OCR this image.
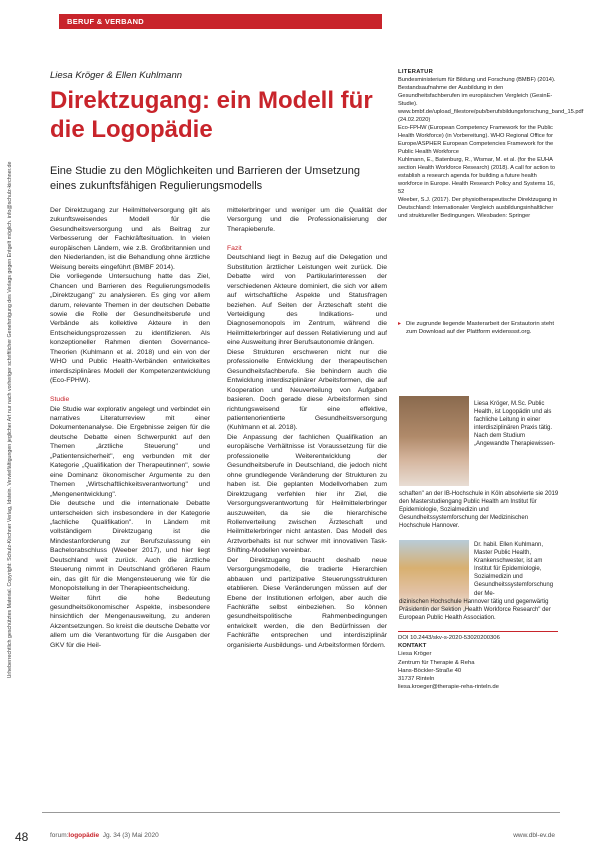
Urheberrechtlich geschütztes Material. Copyright: Schulz-Kirchner Verlag, Idstein. Vervielfältigungen jeglicher Art nur nach vorheriger schriftlicher Genehmigung des Verlags gegen Entgelt möglich. info@schulz-kirchner.de
BERUF & VERBAND
Liesa Kröger & Ellen Kuhlmann
Direktzugang: ein Modell für die Logopädie

Eine Studie zu den Möglichkeiten und Barrieren der Umsetzung eines zukunftsfähigen Regulierungsmodells

Der Direktzugang zur Heilmittelversorgung gilt als zukunftsweisendes Modell für die Gesundheitsversorgung und als Beitrag zur Verbesserung der Fachkräftesituation. In vielen europäischen Ländern, wie z.B. Großbritannien und den Niederlanden, ist die Behandlung ohne ärztliche Weisung bereits eingeführt (BMBF 2014).

Die vorliegende Untersuchung hatte das Ziel, Chancen und Barrieren des Regulierungsmodells „Direktzugang" zu analysieren. Es ging vor allem darum, relevante Themen in der deutschen Debatte sowie die Rolle der Gesundheitsberufe und Verbände als kollektive Akteure in den Entscheidungsprozessen zu identifizieren. Als konzeptioneller Rahmen dienten Governance-Theorien (Kuhlmann et al. 2018) und ein von der WHO und Public Health-Verbänden entwickeltes interdisziplinäres Modell der Kompetenzentwicklung (Eco-FPHW).

Studie

Die Studie war explorativ angelegt und verbindet ein narratives Literaturreview mit einer Dokumentenanalyse. Die Ergebnisse zeigen für die deutsche Debatte einen Schwerpunkt auf den Themen „ärztliche Steuerung" und „Patientensicherheit", eng verbunden mit der Kategorie „Qualifikation der Therapeutinnen", sowie eine Dominanz ökonomischer Argumente zu den Themen „Wirtschaftlichkeitsverantwortung" und „Mengenentwicklung".

Die deutsche und die internationale Debatte unterscheiden sich insbesondere in der Kategorie „fachliche Qualifikation". In Ländern mit vollständigem Direktzugang ist die Mindestanforderung zur Berufszulassung ein Bachelorabschluss (Weeber 2017), und hier liegt Deutschland weit zurück. Auch die ärztliche Steuerung nimmt in Deutschland größeren Raum ein, das gilt für die Mengensteuerung wie für die Monopolstellung in der Therapieentscheidung.

Weiter führt die hohe Bedeutung gesundheitsökonomischer Aspekte, insbesondere hinsichtlich der Mengenausweitung, zu anderen Akzentsetzungen. So kreist die deutsche Debatte vor allem um die Verantwortung für die Ausgaben der GKV für die Heil-

mittelerbringer und weniger um die Qualität der Versorgung und die Professionalisierung der Therapieberufe.

Fazit

Deutschland liegt in Bezug auf die Delegation und Substitution ärztlicher Leistungen weit zurück. Die Debatte wird von Partikularinteressen der verschiedenen Akteure dominiert, die sich vor allem auf wirtschaftliche Aspekte und Statusfragen beziehen. Auf Seiten der Ärzteschaft steht die Verteidigung des Indikations- und Diagnosemonopols im Zentrum, während die Heilmittelerbringer auf dessen Relativierung und auf eine Ausweitung ihrer Berufsautonomie drängen.

Diese Strukturen erschweren nicht nur die professionelle Entwicklung der therapeutischen Gesundheitsfachberufe. Sie behindern auch die Entwicklung interdisziplinärer Arbeitsformen, die auf Kooperation und Neuverteilung von Aufgaben basieren. Doch gerade diese Arbeitsformen sind richtungsweisend für eine effektive, patientenorientierte Gesundheitsversorgung (Kuhlmann et al. 2018).

Die Anpassung der fachlichen Qualifikation an europäische Verhältnisse ist Voraussetzung für die professionelle Weiterentwicklung der Gesundheitsberufe in Deutschland, die jedoch nicht ohne grundlegende Veränderung der Strukturen zu haben ist. Die geplanten Modellvorhaben zum Direktzugang verfehlen hier ihr Ziel, die Versorgungsverantwortung für Heilmittelerbringer auszuweiten, da sie die hierarchische Rollenverteilung zwischen Ärzteschaft und Heilmittelerbringer nicht antasten. Das Modell des Arztvorbehalts ist nur schwer mit innovativen Task-Shifting-Modellen vereinbar.

Der Direktzugang braucht deshalb neue Versorgungsmodelle, die tradierte Hierarchien abbauen und partizipative Steuerungsstrukturen etablieren. Diese Veränderungen müssen auf der Ebene der Institutionen erfolgen, aber auch die Fachkräfte selbst einbeziehen. So können gesundheitspolitische Rahmenbedingungen entwickelt werden, die den Bedürfnissen der Fachkräfte entsprechen und interdisziplinär organisierte Ausbildungs- und Arbeitsformen fördern.

LITERATUR

Bundesministerium für Bildung und Forschung (BMBF) (2014). Bestandsaufnahme der Ausbildung in den Gesundheitsfachberufen im europäischen Vergleich (GesinE-Studie). www.bmbf.de/upload_filestore/pub/berufsbildungsforschung_band_15.pdf (24.02.2020)

Eco-FPHW (European Competency Framework for the Public Health Workforce) (in Vorbereitung). WHO Regional Office for Europe/ASPHER European Competencies Framework for the Public Health Workforce

Kuhlmann, E., Batenburg, R., Wismar, M. et al. (for the EUHA section Health Workforce Research) (2018). A call for action to establish a research agenda for building a future health workforce in Europe. Health Research Policy and Systems 16, 52

Weeber, S.J. (2017). Der physiotherapeutische Direktzugang in Deutschland: Internationaler Vergleich ausbildungsinhaltlicher und struktureller Bedingungen. Wiesbaden: Springer

▸ Die zugrunde liegende Masterarbeit der Erstautorin steht zum Download auf der Plattform evidenssst.org.

Liesa Kröger, M.Sc. Public Health, ist Logopädin und als fachliche Leitung in einer interdisziplinären Praxis tätig. Nach dem Studium „Angewandte Therapiewissen-

schaften" an der IB-Hochschule in Köln absolvierte sie 2019 den Masterstudiengang Public Health am Institut für Epidemiologie, Sozialmedizin und Gesundheitssystemforschung der Medizinischen Hochschule Hannover.

Dr. habil. Ellen Kuhlmann, Master Public Health, Krankenschwester, ist am Institut für Epidemiologie, Sozialmedizin und Gesundheitssystemforschung der Me-

dizinischen Hochschule Hannover tätig und gegenwärtig Präsidentin der Sektion „Health Workforce Research" der European Public Health Association.

DOI 10.2443/skv-s-2020-53020200306

KONTAKT

Liesa Kröger

Zentrum für Therapie & Reha

Hans-Böckler-Straße 40

31737 Rinteln

liesa.kroeger@therapie-reha-rinteln.de

48	forum:logopädie Jg. 34 (3) Mai 2020	www.dbl-ev.de
